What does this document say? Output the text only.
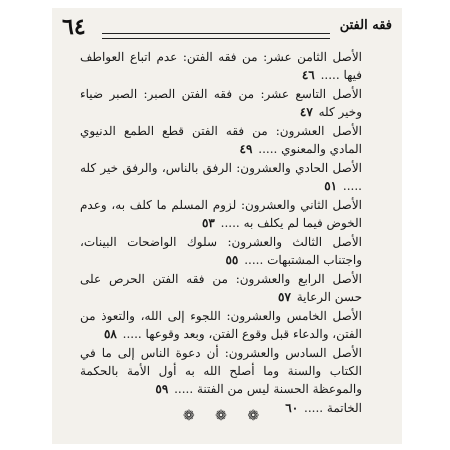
٦٤	فقه الفتن

الأصل الثامن عشر: من فقه الفتن: عدم اتباع العواطف فيها ..... ٤٦

الأصل التاسع عشر: من فقه الفتن الصبر: الصبر ضياء وخير كله ٤٧

الأصل العشرون: من فقه الفتن قطع الطمع الدنيوي المادي والمعنوي ..... ٤٩

الأصل الحادي والعشرون: الرفق بالناس، والرفق خير كله ..... ٥١

الأصل الثاني والعشرون: لزوم المسلم ما كلف به، وعدم الخوض فيما لم يكلف به ..... ٥٣

الأصل الثالث والعشرون: سلوك الواضحات البينات، واجتناب المشتبهات ..... ٥٥

الأصل الرابع والعشرون: من فقه الفتن الحرص على حسن الرعاية ٥٧

الأصل الخامس والعشرون: اللجوء إلى الله، والتعوذ من الفتن، والدعاء قبل وقوع الفتن، وبعد وقوعها ..... ٥٨

الأصل السادس والعشرون: أن دعوة الناس إلى ما في الكتاب والسنة وما أصلح الله به أول الأمة بالحكمة والموعظة الحسنة ليس من الفتنة ..... ٥٩

الخاتمة ..... ٦٠

❁ ❁ ❁
